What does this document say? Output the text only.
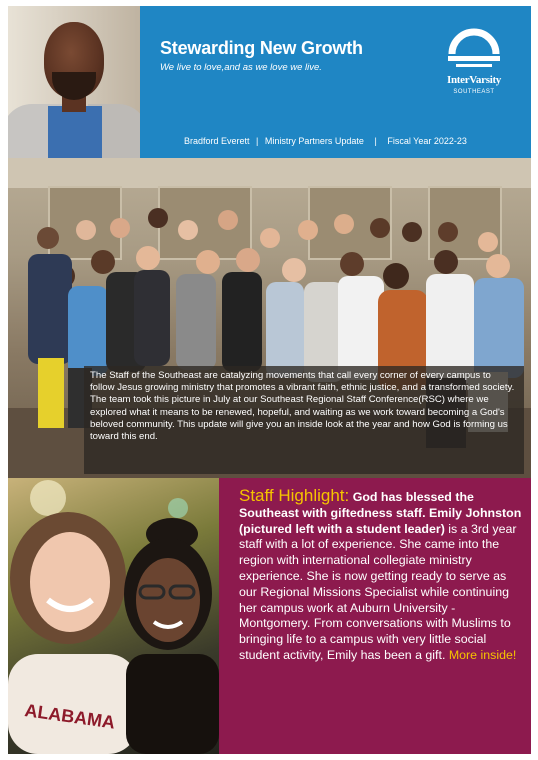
Stewarding New Growth
We live to love,and as we love we live.
InterVarsity
SOUTHEAST
Bradford Everett | Ministry Partners Update | Fiscal Year 2022-23
The Staff of the Southeast are catalyzing movements that call every corner of every campus to follow Jesus growing ministry that promotes a vibrant faith, ethnic justice, and a transformed society. The team took this picture in July at our Southeast Regional Staff Conference(RSC) where we explored what it means to be renewed, hopeful, and waiting as we work toward becoming a God's beloved community. This update will give you an inside look at the year and how God is forming us toward this end.
ALABAMA
Staff Highlight: God has blessed the Southeast with giftedness staff. Emily Johnston (pictured left with a student leader) is a 3rd year staff with a lot of experience. She came into the region with international collegiate ministry experience. She is now getting ready to serve as our Regional Missions Specialist while continuing her campus work at Auburn University - Montgomery. From conversations with Muslims to bringing life to a campus with very little social student activity, Emily has been a gift. More inside!
